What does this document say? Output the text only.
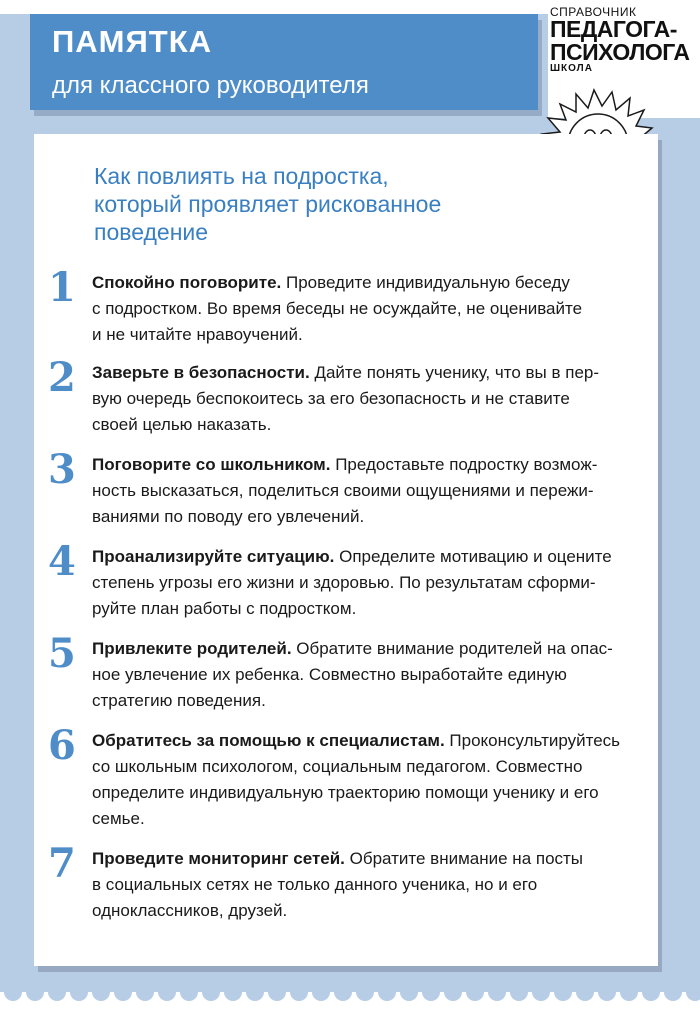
ПАМЯТКА
для классного руководителя
СПРАВОЧНИК
ПЕДАГОГА-
ПСИХОЛОГА
ШКОЛА
Как повлиять на подростка,
который проявляет рискованное
поведение
1 Спокойно поговорите. Проведите индивидуальную беседу
с подростком. Во время беседы не осуждайте, не оценивайте
и не читайте нравоучений.
2 Заверьте в безопасности. Дайте понять ученику, что вы в пер-
вую очередь беспокоитесь за его безопасность и не ставите
своей целью наказать.
3 Поговорите со школьником. Предоставьте подростку возмож-
ность высказаться, поделиться своими ощущениями и пережи-
ваниями по поводу его увлечений.
4 Проанализируйте ситуацию. Определите мотивацию и оцените
степень угрозы его жизни и здоровью. По результатам сформи-
руйте план работы с подростком.
5 Привлеките родителей. Обратите внимание родителей на опас-
ное увлечение их ребенка. Совместно выработайте единую
стратегию поведения.
6 Обратитесь за помощью к специалистам. Проконсультируйтесь
со школьным психологом, социальным педагогом. Совместно
определите индивидуальную траекторию помощи ученику и его
семье.
7 Проведите мониторинг сетей. Обратите внимание на посты
в социальных сетях не только данного ученика, но и его
одноклассников, друзей.
